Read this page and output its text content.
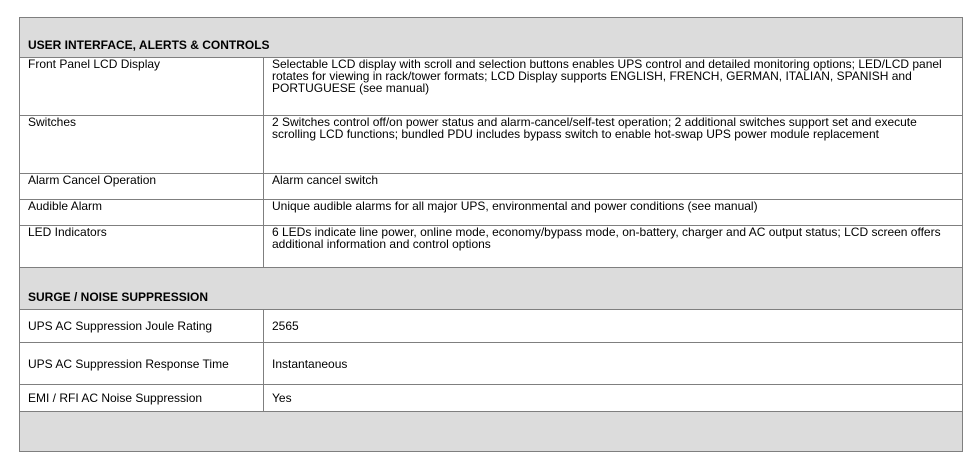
USER INTERFACE, ALERTS & CONTROLS	
Front Panel LCD Display	Selectable LCD display with scroll and selection buttons enables UPS control and detailed monitoring options; LED/LCD panel rotates for viewing in rack/tower formats; LCD Display supports ENGLISH, FRENCH, GERMAN, ITALIAN, SPANISH and PORTUGUESE (see manual)
Switches	2 Switches control off/on power status and alarm-cancel/self-test operation; 2 additional switches support set and execute scrolling LCD functions; bundled PDU includes bypass switch to enable hot-swap UPS power module replacement
Alarm Cancel Operation	Alarm cancel switch
Audible Alarm	Unique audible alarms for all major UPS, environmental and power conditions (see manual)
LED Indicators	6 LEDs indicate line power, online mode, economy/bypass mode, on-battery, charger and AC output status; LCD screen offers additional information and control options
SURGE / NOISE SUPPRESSION	
UPS AC Suppression Joule Rating	2565
UPS AC Suppression Response Time	Instantaneous
EMI / RFI AC Noise Suppression	Yes
